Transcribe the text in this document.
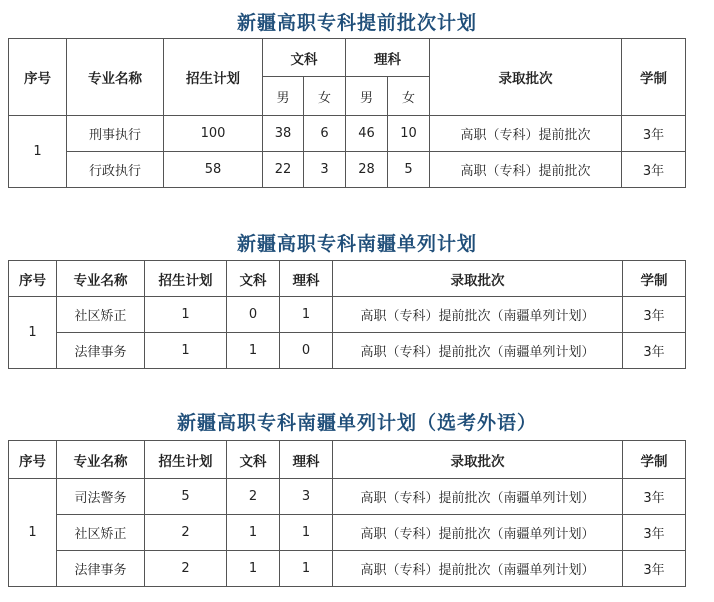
新疆高职专科提前批次计划
序号	专业名称	招生计划	文科		理科		录取批次	学制
			男	女	男	女		
1	刑事执行	100	38	6	46	10	高职（专科）提前批次	3年
	行政执行	58	22	3	28	5	高职（专科）提前批次	3年
新疆高职专科南疆单列计划
序号	专业名称	招生计划	文科	理科	录取批次	学制
1	社区矫正	1	0	1	高职（专科）提前批次（南疆单列计划）	3年
	法律事务	1	1	0	高职（专科）提前批次（南疆单列计划）	3年
新疆高职专科南疆单列计划（选考外语）
序号	专业名称	招生计划	文科	理科	录取批次	学制
1	司法警务	5	2	3	高职（专科）提前批次（南疆单列计划）	3年
	社区矫正	2	1	1	高职（专科）提前批次（南疆单列计划）	3年
	法律事务	2	1	1	高职（专科）提前批次（南疆单列计划）	3年
